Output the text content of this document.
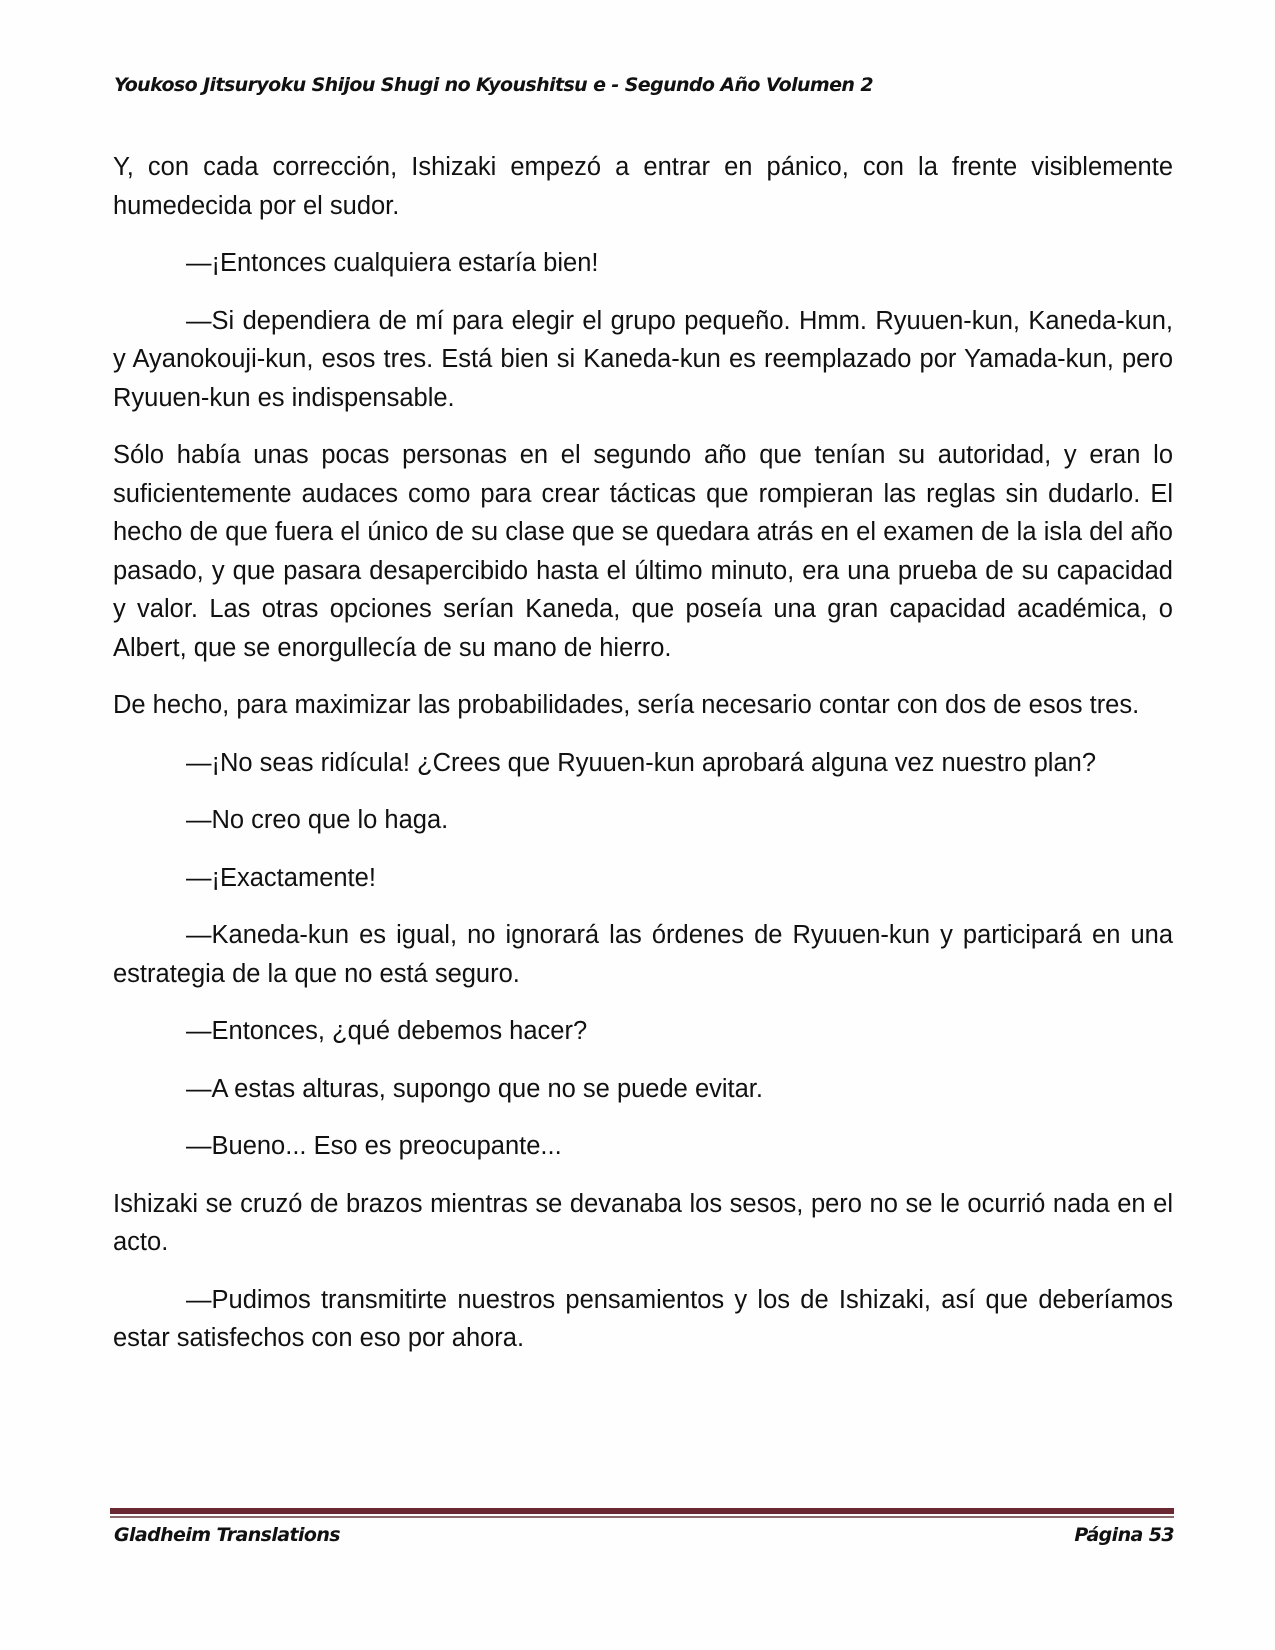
Youkoso Jitsuryoku Shijou Shugi no Kyoushitsu e - Segundo Año Volumen 2

Y, con cada corrección, Ishizaki empezó a entrar en pánico, con la frente visiblemente humedecida por el sudor.

—¡Entonces cualquiera estaría bien!

—Si dependiera de mí para elegir el grupo pequeño. Hmm. Ryuuen-kun, Kaneda-kun, y Ayanokouji-kun, esos tres. Está bien si Kaneda-kun es reemplazado por Yamada-kun, pero Ryuuen-kun es indispensable.

Sólo había unas pocas personas en el segundo año que tenían su autoridad, y eran lo suficientemente audaces como para crear tácticas que rompieran las reglas sin dudarlo. El hecho de que fuera el único de su clase que se quedara atrás en el examen de la isla del año pasado, y que pasara desapercibido hasta el último minuto, era una prueba de su capacidad y valor. Las otras opciones serían Kaneda, que poseía una gran capacidad académica, o Albert, que se enorgullecía de su mano de hierro.

De hecho, para maximizar las probabilidades, sería necesario contar con dos de esos tres.

—¡No seas ridícula! ¿Crees que Ryuuen-kun aprobará alguna vez nuestro plan?

—No creo que lo haga.

—¡Exactamente!

—Kaneda-kun es igual, no ignorará las órdenes de Ryuuen-kun y participará en una estrategia de la que no está seguro.

—Entonces, ¿qué debemos hacer?

—A estas alturas, supongo que no se puede evitar.

—Bueno... Eso es preocupante...

Ishizaki se cruzó de brazos mientras se devanaba los sesos, pero no se le ocurrió nada en el acto.

—Pudimos transmitirte nuestros pensamientos y los de Ishizaki, así que deberíamos estar satisfechos con eso por ahora.

Gladheim Translations	Página 53
